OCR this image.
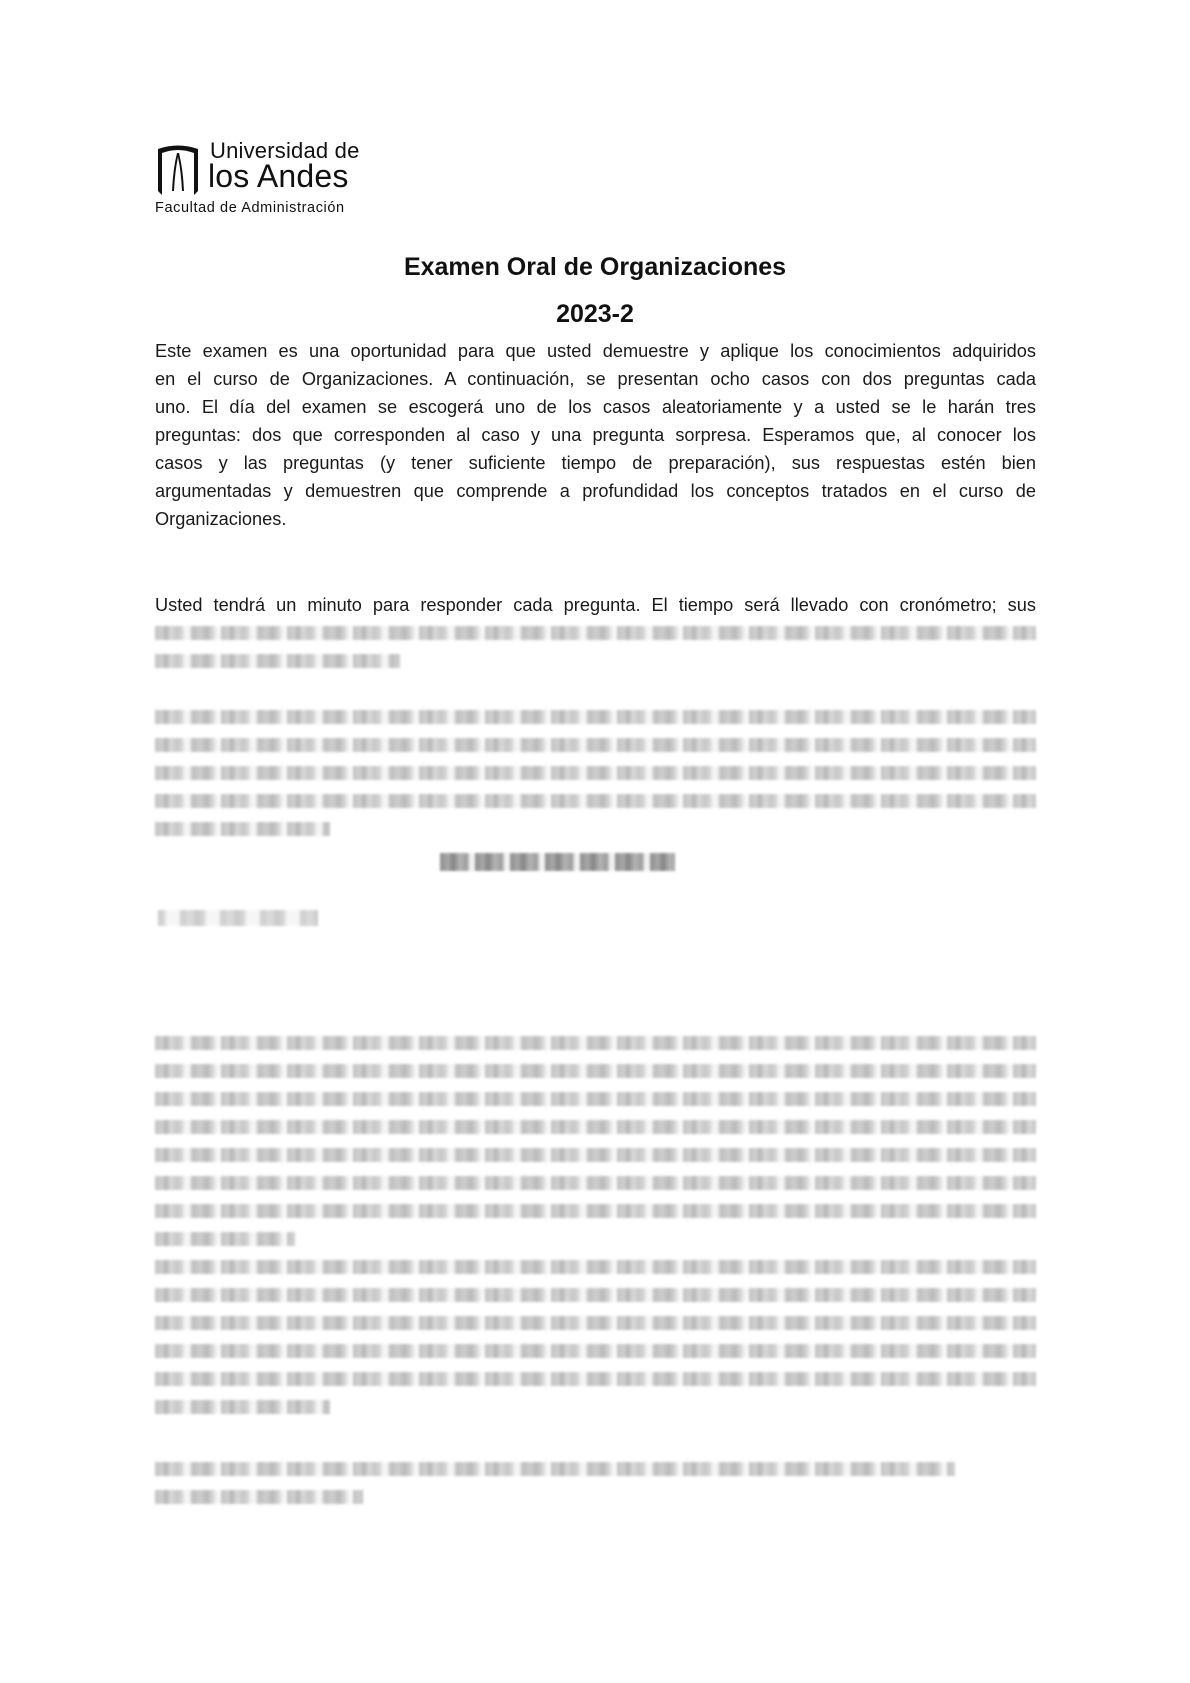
Universidad de
los Andes
Facultad de Administración
Examen Oral de Organizaciones
2023-2
Este examen es una oportunidad para que usted demuestre y aplique los conocimientos adquiridos
en el curso de Organizaciones. A continuación, se presentan ocho casos con dos preguntas cada
uno. El día del examen se escogerá uno de los casos aleatoriamente y a usted se le harán tres
preguntas: dos que corresponden al caso y una pregunta sorpresa. Esperamos que, al conocer los
casos y las preguntas (y tener suficiente tiempo de preparación), sus respuestas estén bien
argumentadas y demuestren que comprende a profundidad los conceptos tratados en el curso de
Organizaciones.
Usted tendrá un minuto para responder cada pregunta. El tiempo será llevado con cronómetro; sus
